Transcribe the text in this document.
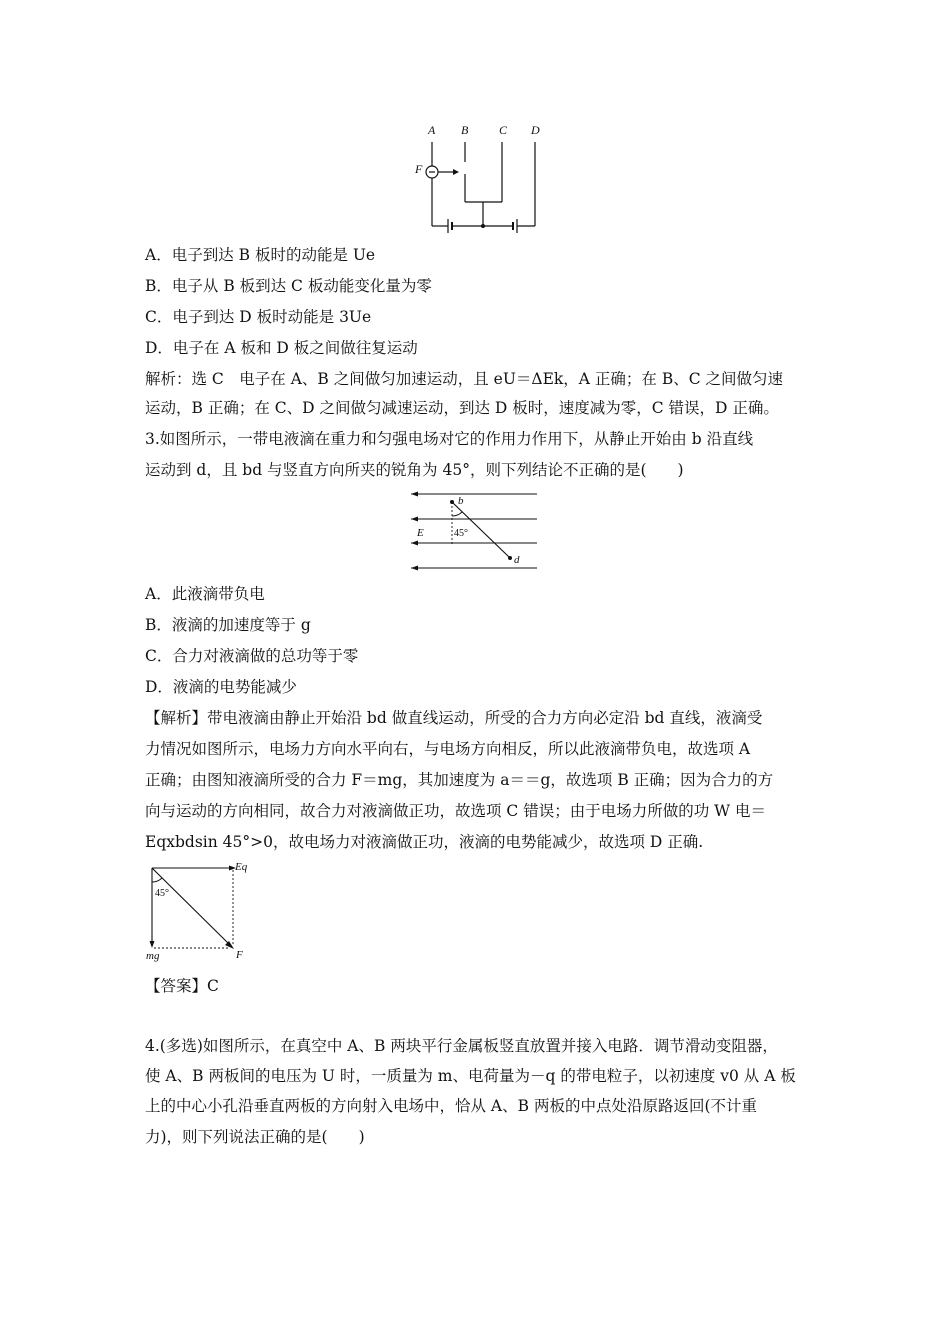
A B	C D
F
A．电子到达 B 板时的动能是 Ue
B．电子从 B 板到达 C 板动能变化量为零
C．电子到达 D 板时动能是 3Ue
D．电子在 A 板和 D 板之间做往复运动
解析：选 C　电子在 A、B 之间做匀加速运动，且 eU＝ΔEk，A 正确；在 B、C 之间做匀速
运动，B 正确；在 C、D 之间做匀减速运动，到达 D 板时，速度减为零，C 错误，D 正确。
3.如图所示，一带电液滴在重力和匀强电场对它的作用力作用下，从静止开始由 b 沿直线
运动到 d，且 bd 与竖直方向所夹的锐角为 45°，则下列结论不正确的是(　　)
b
E	45°
d
A．此液滴带负电
B．液滴的加速度等于 g
C．合力对液滴做的总功等于零
D．液滴的电势能减少
【解析】带电液滴由静止开始沿 bd 做直线运动，所受的合力方向必定沿 bd 直线，液滴受
力情况如图所示，电场力方向水平向右，与电场方向相反，所以此液滴带负电，故选项 A
正确；由图知液滴所受的合力 F＝mg，其加速度为 a＝＝g，故选项 B 正确；因为合力的方
向与运动的方向相同，故合力对液滴做正功，故选项 C 错误；由于电场力所做的功 W 电＝
Eqxbdsin 45°>0，故电场力对液滴做正功，液滴的电势能减少，故选项 D 正确.
Eq
45°
mg	F
【答案】C
4.(多选)如图所示，在真空中 A、B 两块平行金属板竖直放置并接入电路．调节滑动变阻器，
使 A、B 两板间的电压为 U 时，一质量为 m、电荷量为－q 的带电粒子，以初速度 v0 从 A 板
上的中心小孔沿垂直两板的方向射入电场中，恰从 A、B 两板的中点处沿原路返回(不计重
力)，则下列说法正确的是(　　)
